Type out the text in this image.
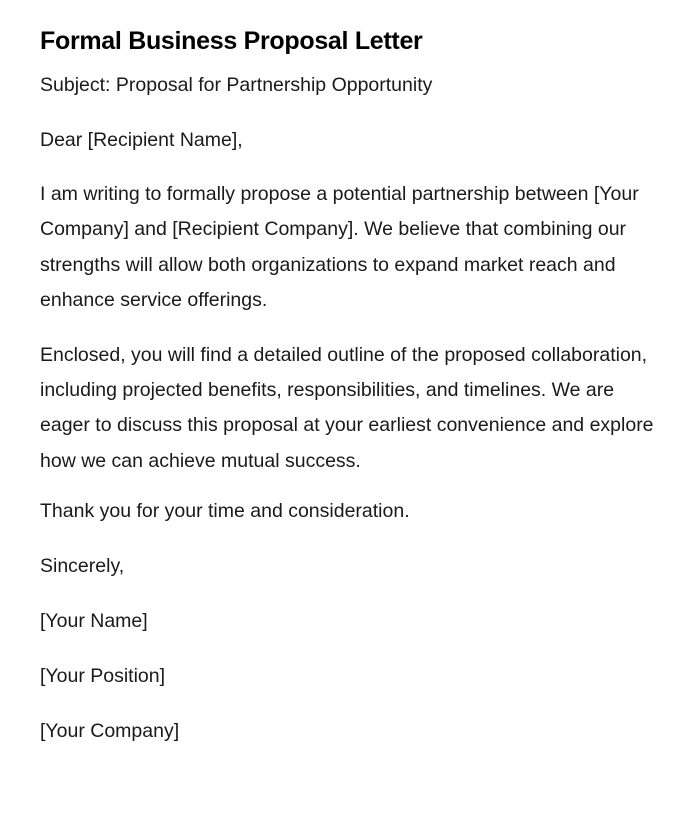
Formal Business Proposal Letter
Subject: Proposal for Partnership Opportunity
Dear [Recipient Name],
I am writing to formally propose a potential partnership between [Your Company] and [Recipient Company]. We believe that combining our strengths will allow both organizations to expand market reach and enhance service offerings.
Enclosed, you will find a detailed outline of the proposed collaboration, including projected benefits, responsibilities, and timelines. We are eager to discuss this proposal at your earliest convenience and explore how we can achieve mutual success.
Thank you for your time and consideration.
Sincerely,
[Your Name]
[Your Position]
[Your Company]
